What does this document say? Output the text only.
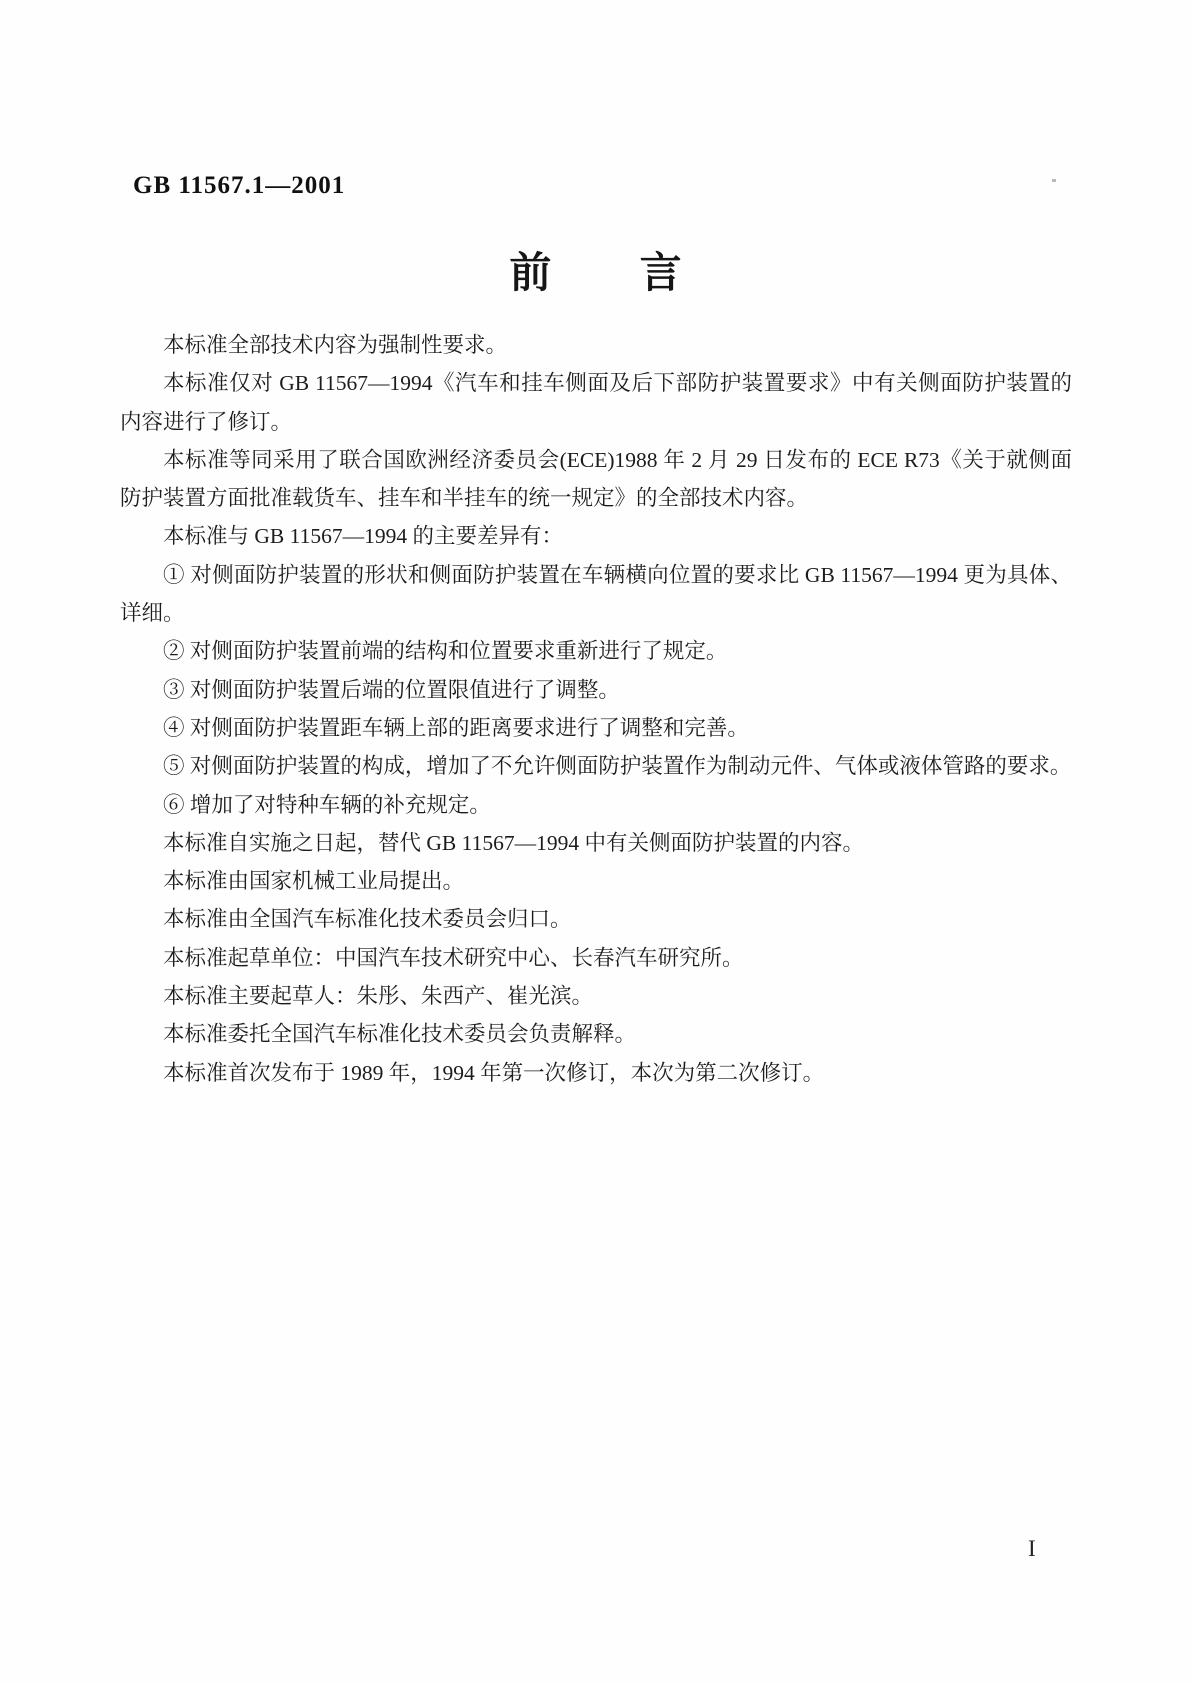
GB 11567.1—2001
前言

本标准全部技术内容为强制性要求。

本标准仅对 GB 11567—1994《汽车和挂车侧面及后下部防护装置要求》中有关侧面防护装置的内容进行了修订。

本标准等同采用了联合国欧洲经济委员会(ECE)1988 年 2 月 29 日发布的 ECE R73《关于就侧面防护装置方面批准载货车、挂车和半挂车的统一规定》的全部技术内容。

本标准与 GB 11567—1994 的主要差异有：

① 对侧面防护装置的形状和侧面防护装置在车辆横向位置的要求比 GB 11567—1994 更为具体、详细。

② 对侧面防护装置前端的结构和位置要求重新进行了规定。

③ 对侧面防护装置后端的位置限值进行了调整。

④ 对侧面防护装置距车辆上部的距离要求进行了调整和完善。

⑤ 对侧面防护装置的构成，增加了不允许侧面防护装置作为制动元件、气体或液体管路的要求。

⑥ 增加了对特种车辆的补充规定。

本标准自实施之日起，替代 GB 11567—1994 中有关侧面防护装置的内容。

本标准由国家机械工业局提出。

本标准由全国汽车标准化技术委员会归口。

本标准起草单位：中国汽车技术研究中心、长春汽车研究所。

本标准主要起草人：朱彤、朱西产、崔光滨。

本标准委托全国汽车标准化技术委员会负责解释。

本标准首次发布于 1989 年，1994 年第一次修订，本次为第二次修订。

I
